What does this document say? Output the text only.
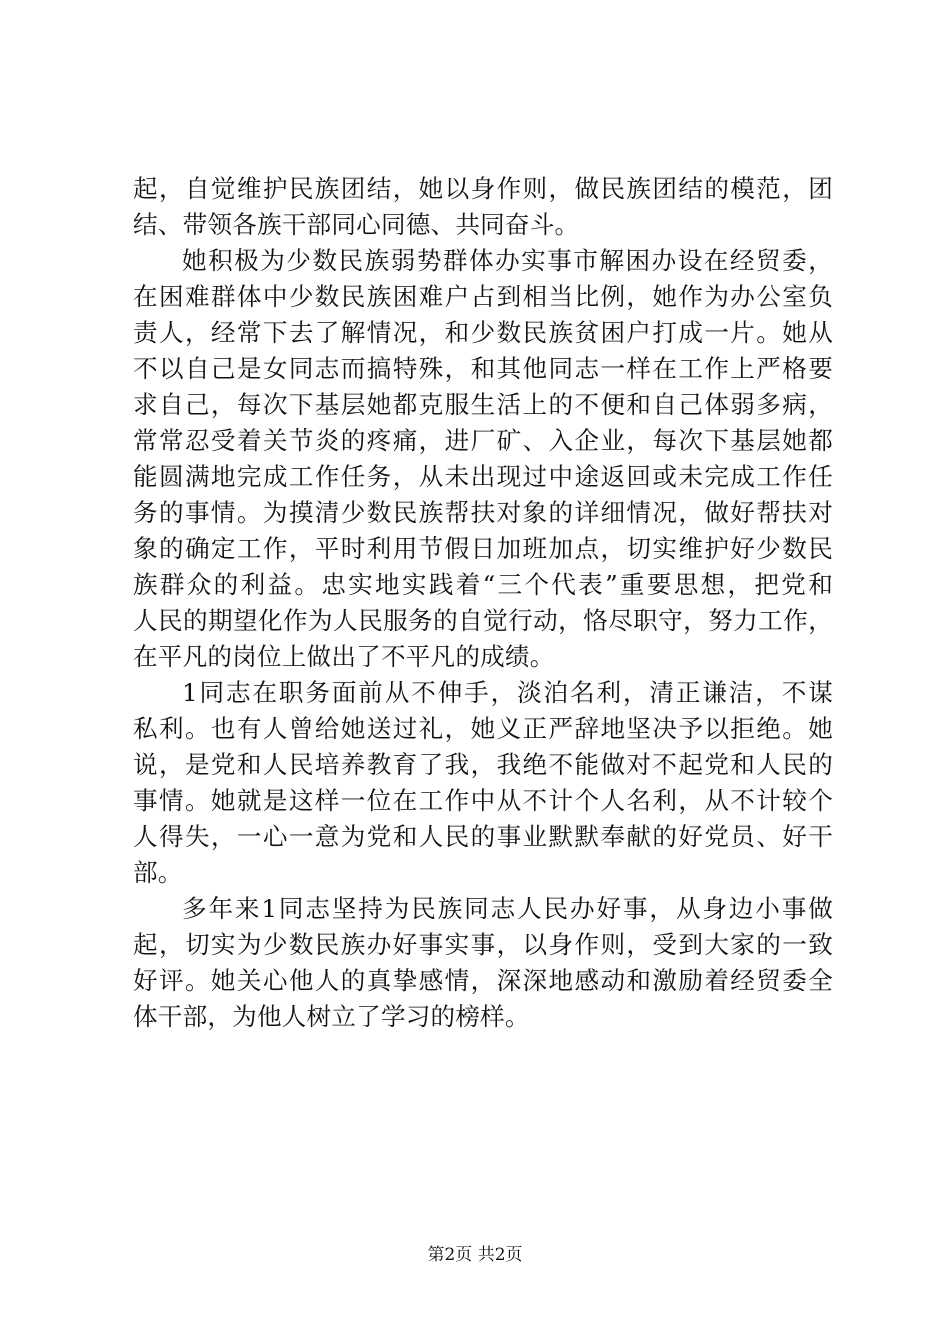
起，自觉维护民族团结，她以身作则，做民族团结的模范，团
结、带领各族干部同心同德、共同奋斗。
她积极为少数民族弱势群体办实事市解困办设在经贸委，
在困难群体中少数民族困难户占到相当比例，她作为办公室负
责人，经常下去了解情况，和少数民族贫困户打成一片。她从
不以自己是女同志而搞特殊，和其他同志一样在工作上严格要
求自己，每次下基层她都克服生活上的不便和自己体弱多病，
常常忍受着关节炎的疼痛，进厂矿、入企业，每次下基层她都
能圆满地完成工作任务，从未出现过中途返回或未完成工作任
务的事情。为摸清少数民族帮扶对象的详细情况，做好帮扶对
象的确定工作，平时利用节假日加班加点，切实维护好少数民
族群众的利益。忠实地实践着“三个代表”重要思想，把党和
人民的期望化作为人民服务的自觉行动，恪尽职守，努力工作，
在平凡的岗位上做出了不平凡的成绩。
1同志在职务面前从不伸手，淡泊名利，清正谦洁，不谋
私利。也有人曾给她送过礼，她义正严辞地坚决予以拒绝。她
说，是党和人民培养教育了我，我绝不能做对不起党和人民的
事情。她就是这样一位在工作中从不计个人名利，从不计较个
人得失，一心一意为党和人民的事业默默奉献的好党员、好干
部。
多年来1同志坚持为民族同志人民办好事，从身边小事做
起，切实为少数民族办好事实事，以身作则，受到大家的一致
好评。她关心他人的真挚感情，深深地感动和激励着经贸委全
体干部，为他人树立了学习的榜样。
第2页 共2页
